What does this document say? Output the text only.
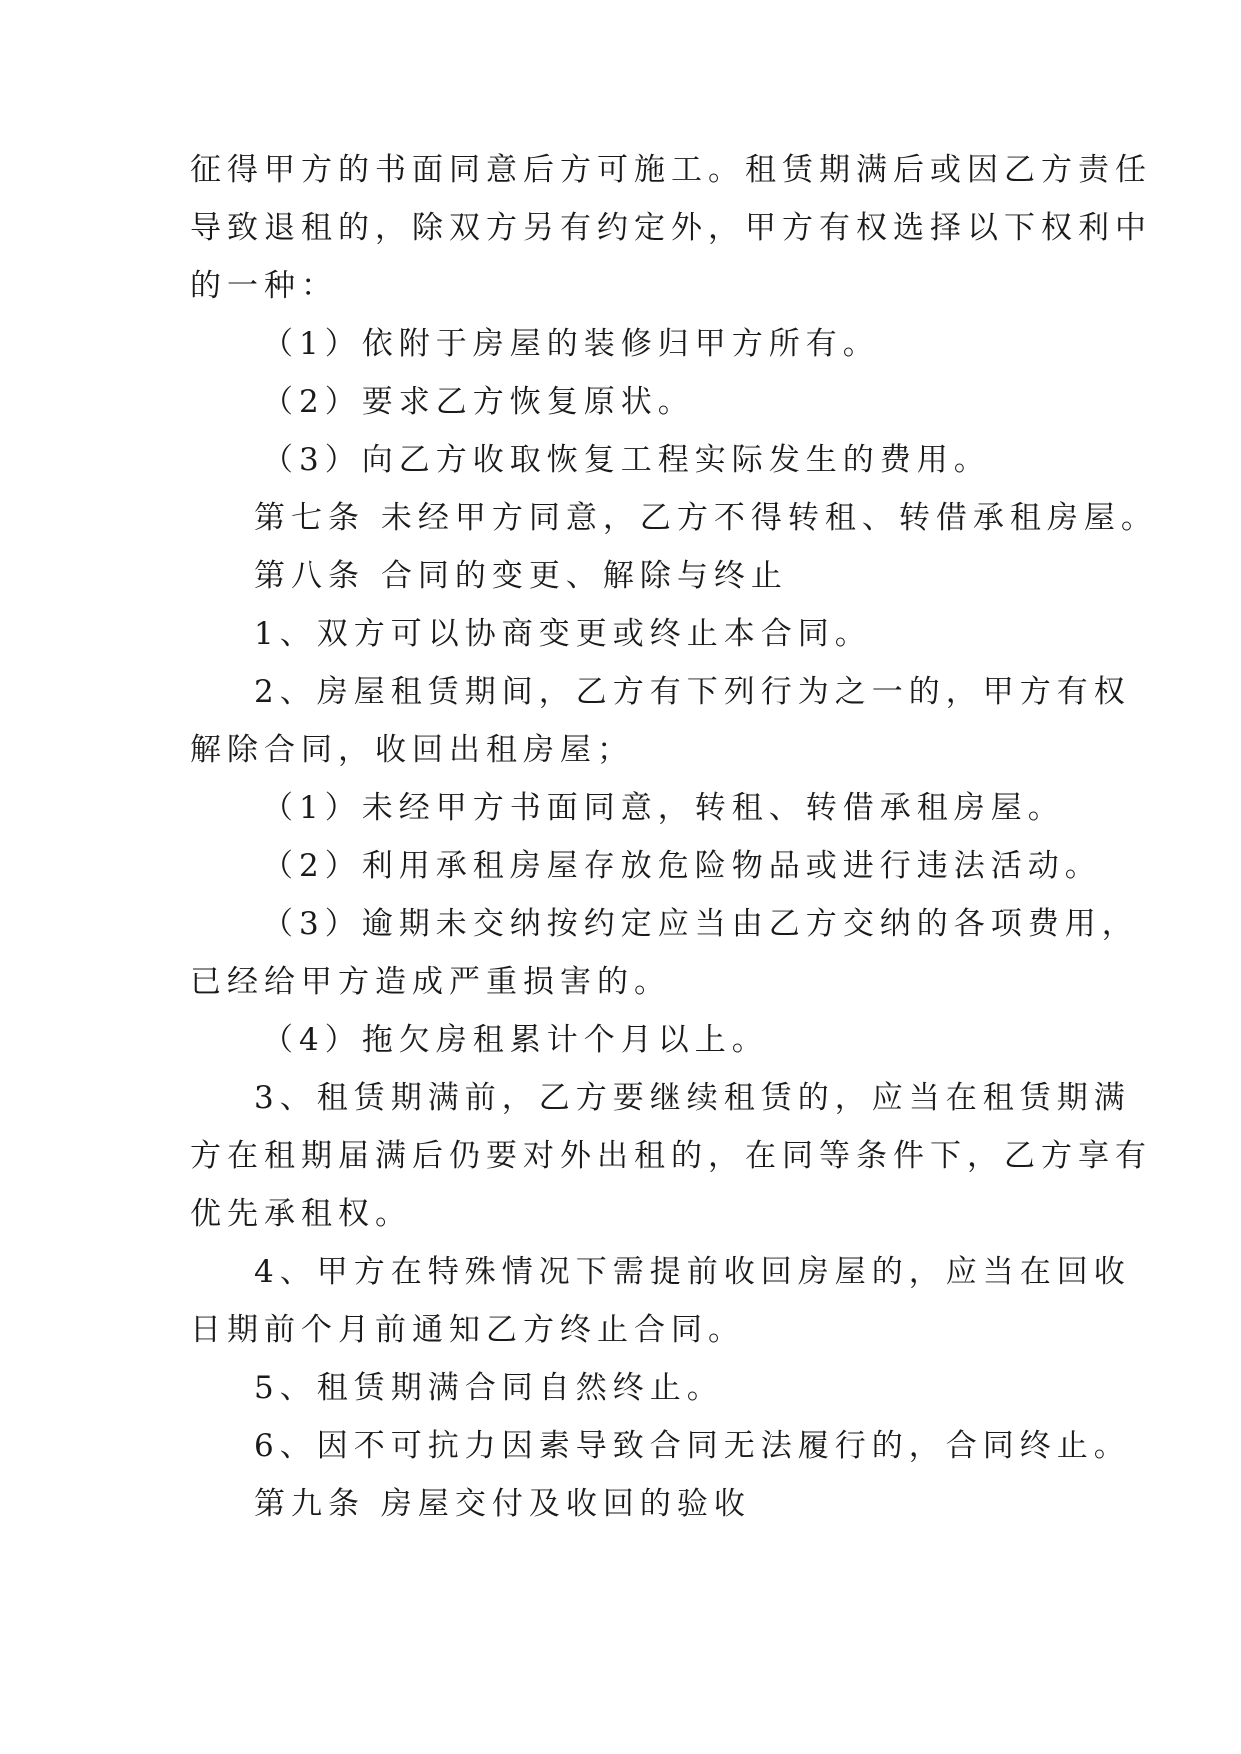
征得甲方的书面同意后方可施工。租赁期满后或因乙方责任
导致退租的，除双方另有约定外，甲方有权选择以下权利中
的一种：
（1）依附于房屋的装修归甲方所有。
（2）要求乙方恢复原状。
（3）向乙方收取恢复工程实际发生的费用。
第七条 未经甲方同意，乙方不得转租、转借承租房屋。
第八条 合同的变更、解除与终止
1、双方可以协商变更或终止本合同。
2、房屋租赁期间，乙方有下列行为之一的，甲方有权
解除合同，收回出租房屋；
（1）未经甲方书面同意，转租、转借承租房屋。
（2）利用承租房屋存放危险物品或进行违法活动。
（3）逾期未交纳按约定应当由乙方交纳的各项费用，
已经给甲方造成严重损害的。
（4）拖欠房租累计个月以上。
3、租赁期满前，乙方要继续租赁的，应当在租赁期满
方在租期届满后仍要对外出租的，在同等条件下，乙方享有
优先承租权。
4、甲方在特殊情况下需提前收回房屋的，应当在回收
日期前个月前通知乙方终止合同。
5、租赁期满合同自然终止。
6、因不可抗力因素导致合同无法履行的，合同终止。
第九条 房屋交付及收回的验收
